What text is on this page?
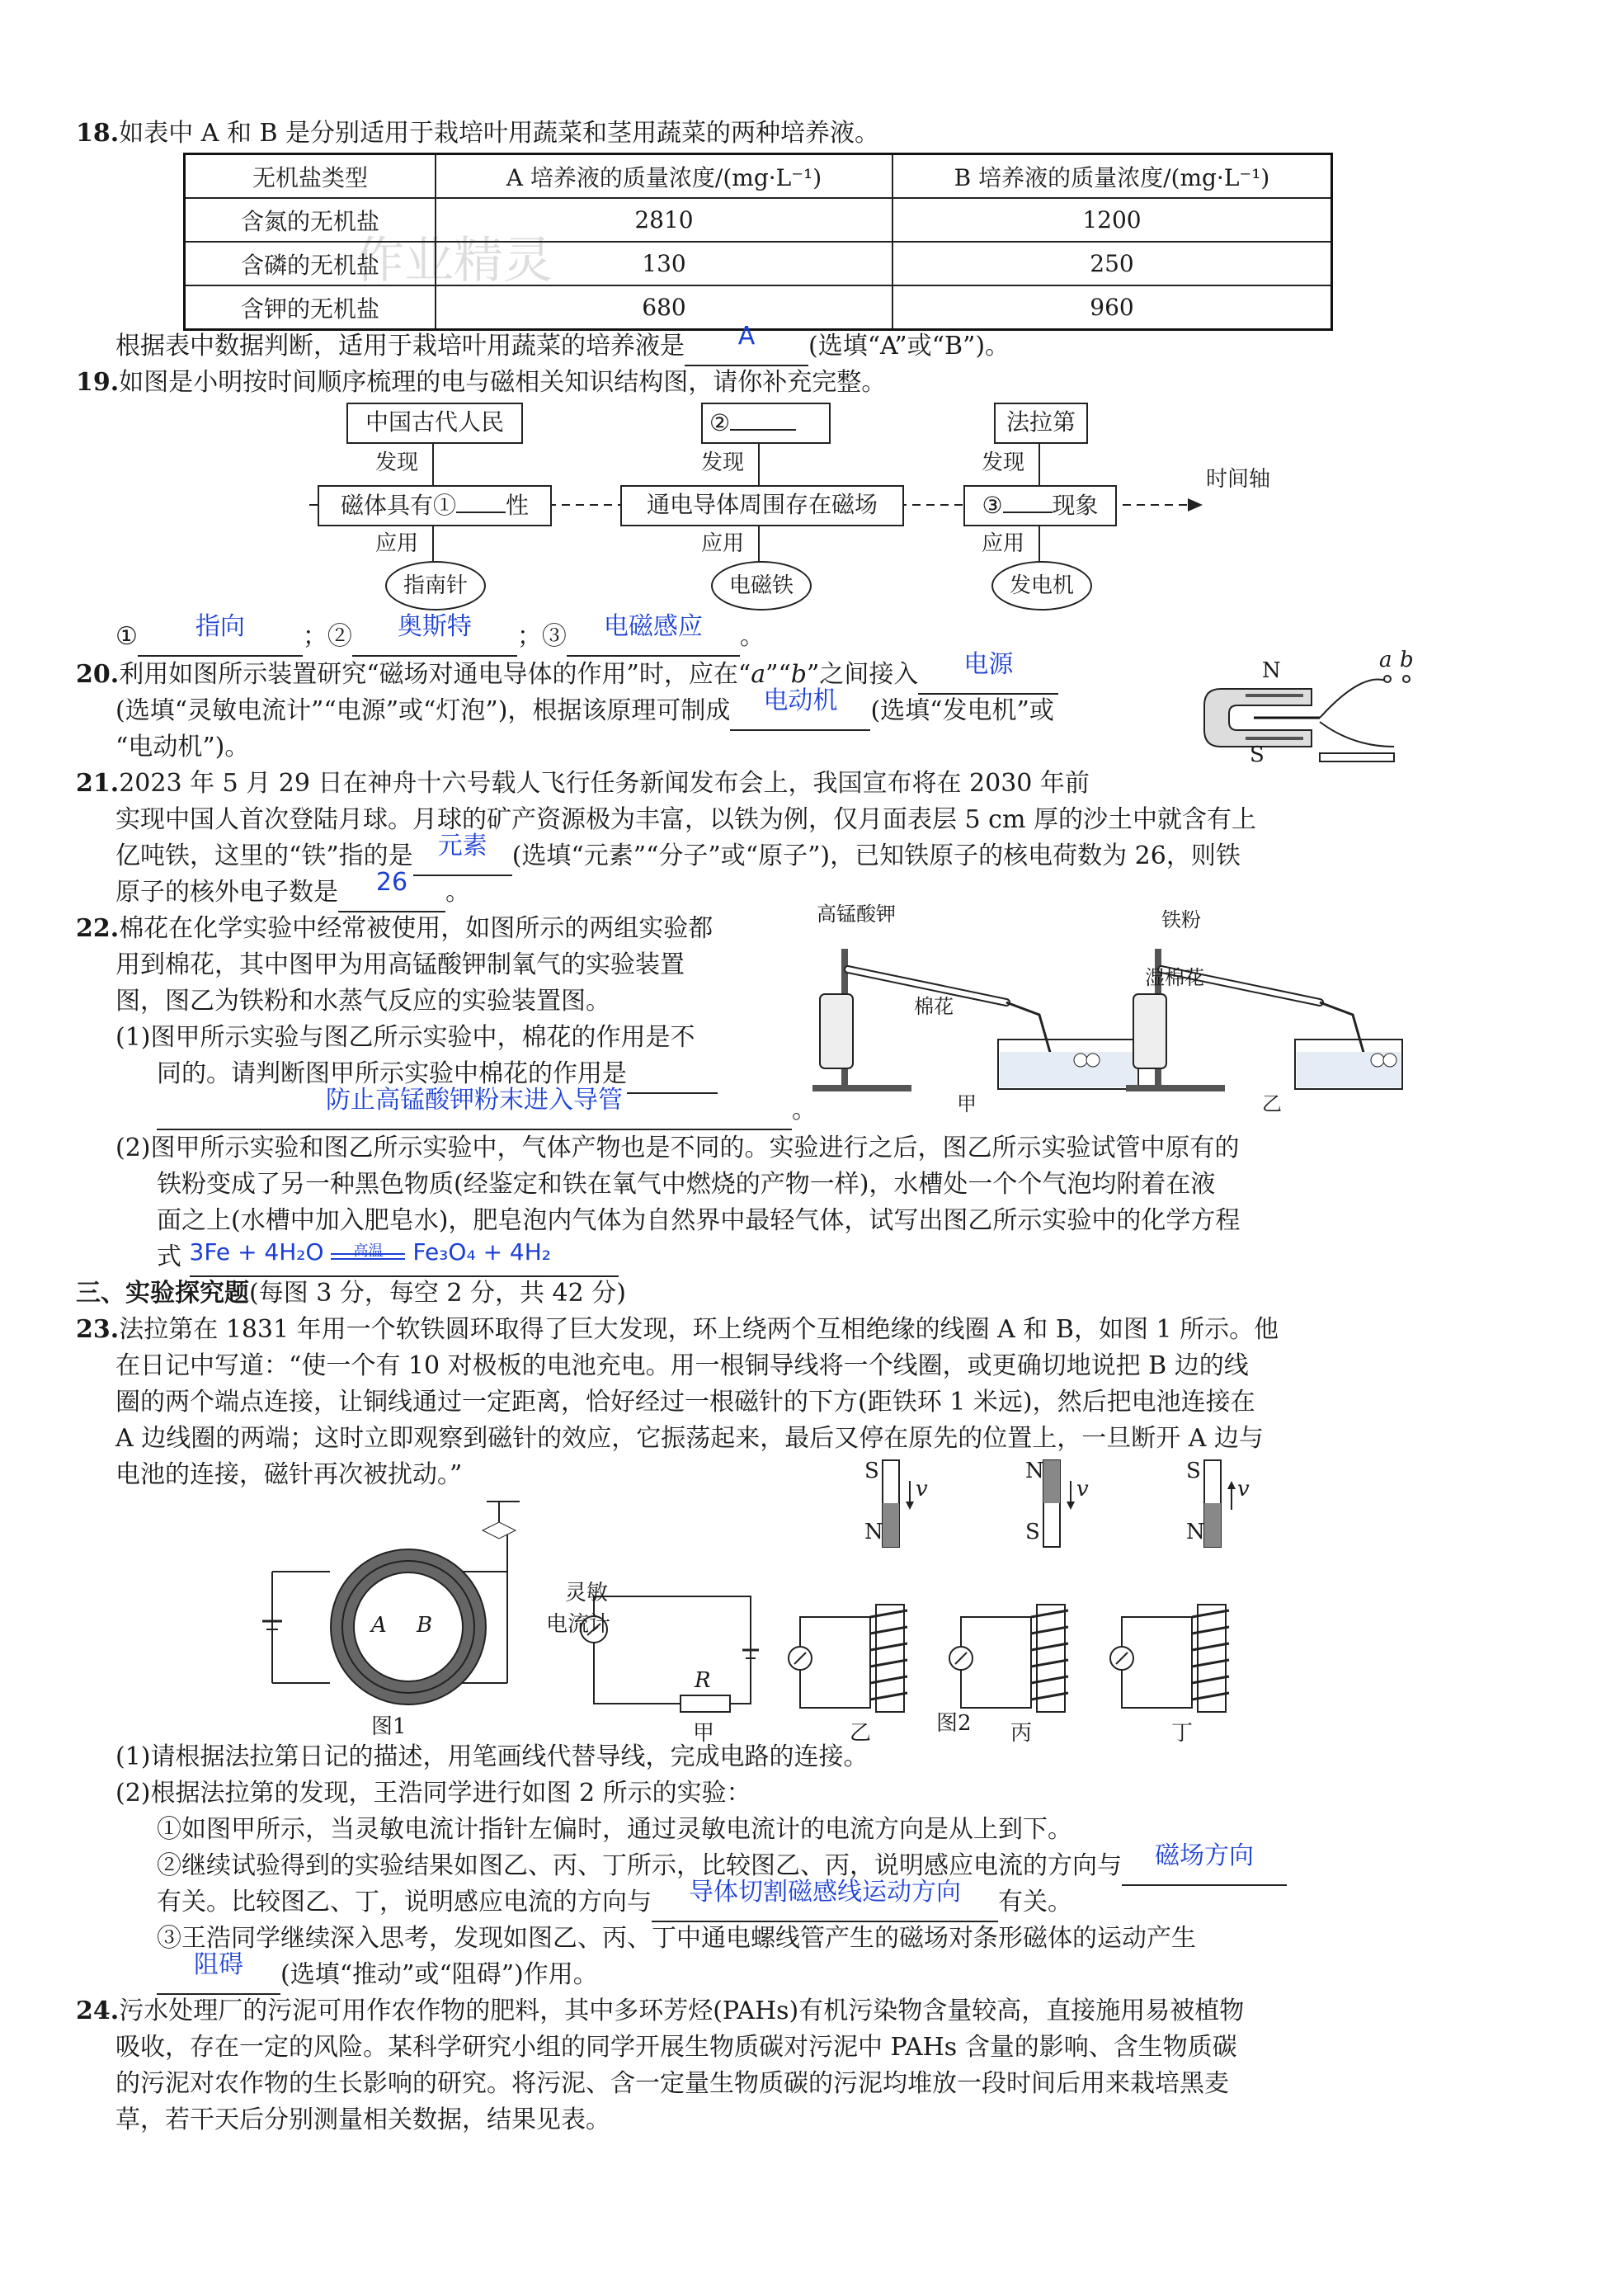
作业精灵
18.如表中 A 和 B 是分别适用于栽培叶用蔬菜和茎用蔬菜的两种培养液。
无机盐类型	A 培养液的质量浓度/(mg·L⁻¹)	B 培养液的质量浓度/(mg·L⁻¹)
含氮的无机盐	2810	1200
含磷的无机盐	130	250
含钾的无机盐	680	960
根据表中数据判断，适用于栽培叶用蔬菜的培养液是	A	(选填“A”或“B”)。
19.如图是小明按时间顺序梳理的电与磁相关知识结构图，请你补充完整。
中国古代人民	②	法拉第
发现	发现	发现
磁体具有① 性	通电导体周围存在磁场	③ 现象
时间轴
应用	应用	应用
指南针	电磁铁	发电机
①	指向	；②	奥斯特	；③	电磁感应	。
20.利用如图所示装置研究“磁场对通电导体的作用”时，应在“a”“b”之间接入	电源

(选填“灵敏电流计”“电源”或“灯泡”)，根据该原理可制成	电动机	(选填“发电机”或
“电动机”)。
N
S
a b
21.2023 年 5 月 29 日在神舟十六号载人飞行任务新闻发布会上，我国宣布将在 2030 年前
实现中国人首次登陆月球。月球的矿产资源极为丰富，以铁为例，仅月面表层 5 cm 厚的沙土中就含有上
亿吨铁，这里的“铁”指的是	元素	(选填“元素”“分子”或“原子”)，已知铁原子的核电荷数为 26，则铁
原子的核外电子数是	26	。
22.棉花在化学实验中经常被使用，如图所示的两组实验都
用到棉花，其中图甲为用高锰酸钾制氧气的实验装置
图，图乙为铁粉和水蒸气反应的实验装置图。
(1)图甲所示实验与图乙所示实验中，棉花的作用是不
同的。请判断图甲所示实验中棉花的作用是
防止高锰酸钾粉末进入导管	。
高锰酸钾
棉花
铁粉
湿棉花
甲	乙
(2)图甲所示实验和图乙所示实验中，气体产物也是不同的。实验进行之后，图乙所示实验试管中原有的
铁粉变成了另一种黑色物质(经鉴定和铁在氧气中燃烧的产物一样)，水槽处一个个气泡均附着在液
面之上(水槽中加入肥皂水)，肥皂泡内气体为自然界中最轻气体，试写出图乙所示实验中的化学方程
式 3Fe + 4H₂O	高温	Fe₃O₄ + 4H₂

三、实验探究题(每图 3 分，每空 2 分，共 42 分)
23.法拉第在 1831 年用一个软铁圆环取得了巨大发现，环上绕两个互相绝缘的线圈 A 和 B，如图 1 所示。他
在日记中写道：“使一个有 10 对极板的电池充电。用一根铜导线将一个线圈，或更确切地说把 B 边的线
圈的两个端点连接，让铜线通过一定距离，恰好经过一根磁针的下方(距铁环 1 米远)，然后把电池连接在
A 边线圈的两端；这时立即观察到磁针的效应，它振荡起来，最后又停在原先的位置上，一旦断开 A 边与
电池的连接，磁针再次被扰动。”
A B
图1
灵敏
电流计
R
甲	乙	丙	丁
图2
S
N
N
S
S
N
v	v	v
(1)请根据法拉第日记的描述，用笔画线代替导线，完成电路的连接。
(2)根据法拉第的发现，王浩同学进行如图 2 所示的实验：
①如图甲所示，当灵敏电流计指针左偏时，通过灵敏电流计的电流方向是从上到下。
②继续试验得到的实验结果如图乙、丙、丁所示，比较图乙、丙，说明感应电流的方向与	磁场方向

有关。比较图乙、丁，说明感应电流的方向与	导体切割磁感线运动方向	有关。
③王浩同学继续深入思考，发现如图乙、丙、丁中通电螺线管产生的磁场对条形磁体的运动产生
阻碍	(选填“推动”或“阻碍”)作用。
24.污水处理厂的污泥可用作农作物的肥料，其中多环芳烃(PAHs)有机污染物含量较高，直接施用易被植物
吸收，存在一定的风险。某科学研究小组的同学开展生物质碳对污泥中 PAHs 含量的影响、含生物质碳
的污泥对农作物的生长影响的研究。将污泥、含一定量生物质碳的污泥均堆放一段时间后用来栽培黑麦
草，若干天后分别测量相关数据，结果见表。
